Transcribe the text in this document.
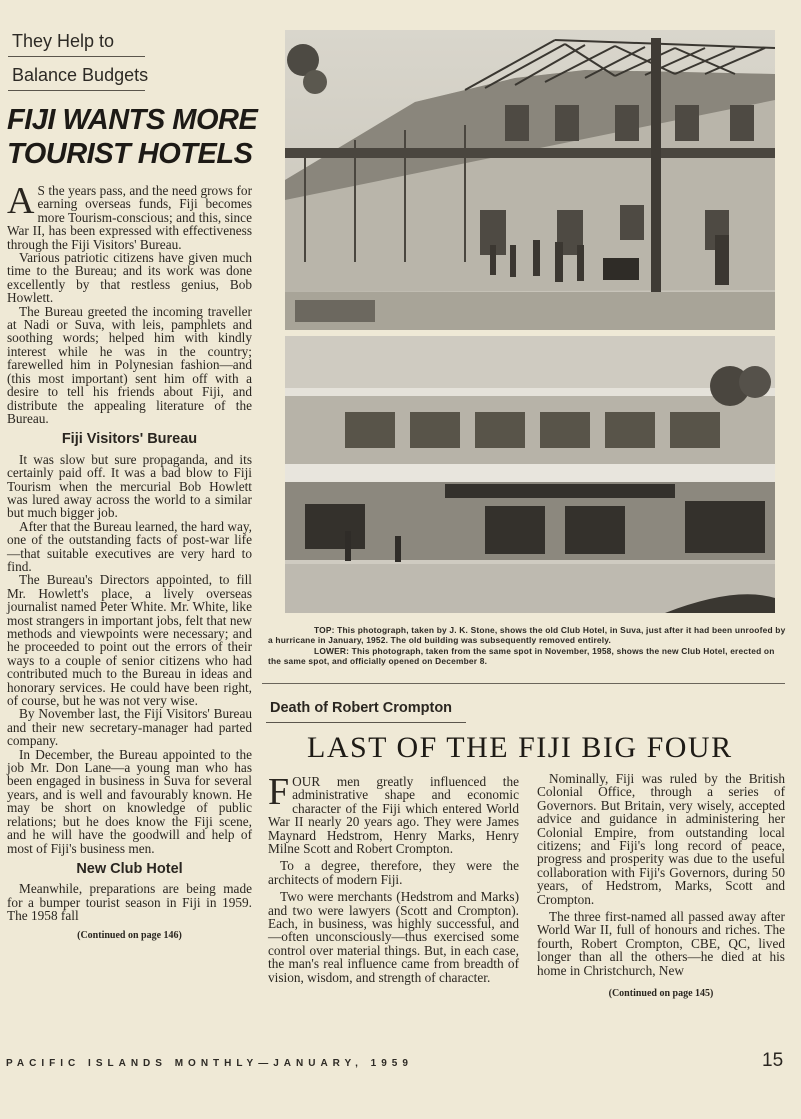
They Help to
Balance Budgets
FIJI WANTS MORE
TOURIST HOTELS

A S the years pass, and the need grows for earning overseas funds, Fiji becomes more Tourism-conscious; and this, since War II, has been expressed with effectiveness through the Fiji Visitors' Bureau.

Various patriotic citizens have given much time to the Bureau; and its work was done excellently by that restless genius, Bob Howlett.

The Bureau greeted the incoming traveller at Nadi or Suva, with leis, pamphlets and soothing words; helped him with kindly interest while he was in the country; farewelled him in Polynesian fashion—and (this most important) sent him off with a desire to tell his friends about Fiji, and distribute the appealing literature of the Bureau.

Fiji Visitors' Bureau

It was slow but sure propaganda, and its certainly paid off. It was a bad blow to Fiji Tourism when the mercurial Bob Howlett was lured away across the world to a similar but much bigger job.

After that the Bureau learned, the hard way, one of the outstanding facts of post-war life—that suitable executives are very hard to find.

The Bureau's Directors appointed, to fill Mr. Howlett's place, a lively overseas journalist named Peter White. Mr. White, like most strangers in important jobs, felt that new methods and viewpoints were necessary; and he proceeded to point out the errors of their ways to a couple of senior citizens who had contributed much to the Bureau in ideas and honorary services. He could have been right, of course, but he was not very wise.

By November last, the Fiji Visitors' Bureau and their new secretary-manager had parted company.

In December, the Bureau appointed to the job Mr. Don Lane—a young man who has been engaged in business in Suva for several years, and is well and favourably known. He may be short on knowledge of public relations; but he does know the Fiji scene, and he will have the goodwill and help of most of Fiji's business men.

New Club Hotel

Meanwhile, preparations are being made for a bumper tourist season in Fiji in 1959. The 1958 fall

(Continued on page 146)
TOP: This photograph, taken by J. K. Stone, shows the old Club Hotel, in Suva, just after it had been unroofed by a hurricane in January, 1952. The old building was subsequently removed entirely.
LOWER: This photograph, taken from the same spot in November, 1958, shows the new Club Hotel, erected on the same spot, and officially opened on December 8.
Death of Robert Crompton
LAST OF THE FIJI BIG FOUR

FOUR men greatly influenced the administrative shape and economic character of the Fiji which entered World War II nearly 20 years ago. They were James Maynard Hedstrom, Henry Marks, Henry Milne Scott and Robert Crompton.

To a degree, therefore, they were the architects of modern Fiji.

Two were merchants (Hedstrom and Marks) and two were lawyers (Scott and Crompton). Each, in business, was highly successful, and—often unconsciously—thus exercised some control over material things. But, in each case, the man's real influence came from breadth of vision, wisdom, and strength of character.

Nominally, Fiji was ruled by the British Colonial Office, through a series of Governors. But Britain, very wisely, accepted advice and guidance in administering her Colonial Empire, from outstanding local citizens; and Fiji's long record of peace, progress and prosperity was due to the useful collaboration with Fiji's Governors, during 50 years, of Hedstrom, Marks, Scott and Crompton.

The three first-named all passed away after World War II, full of honours and riches. The fourth, Robert Crompton, CBE, QC, lived longer than all the others—he died at his home in Christchurch, New

(Continued on page 145)
PACIFIC ISLANDS MONTHLY—JANUARY, 1959	15
